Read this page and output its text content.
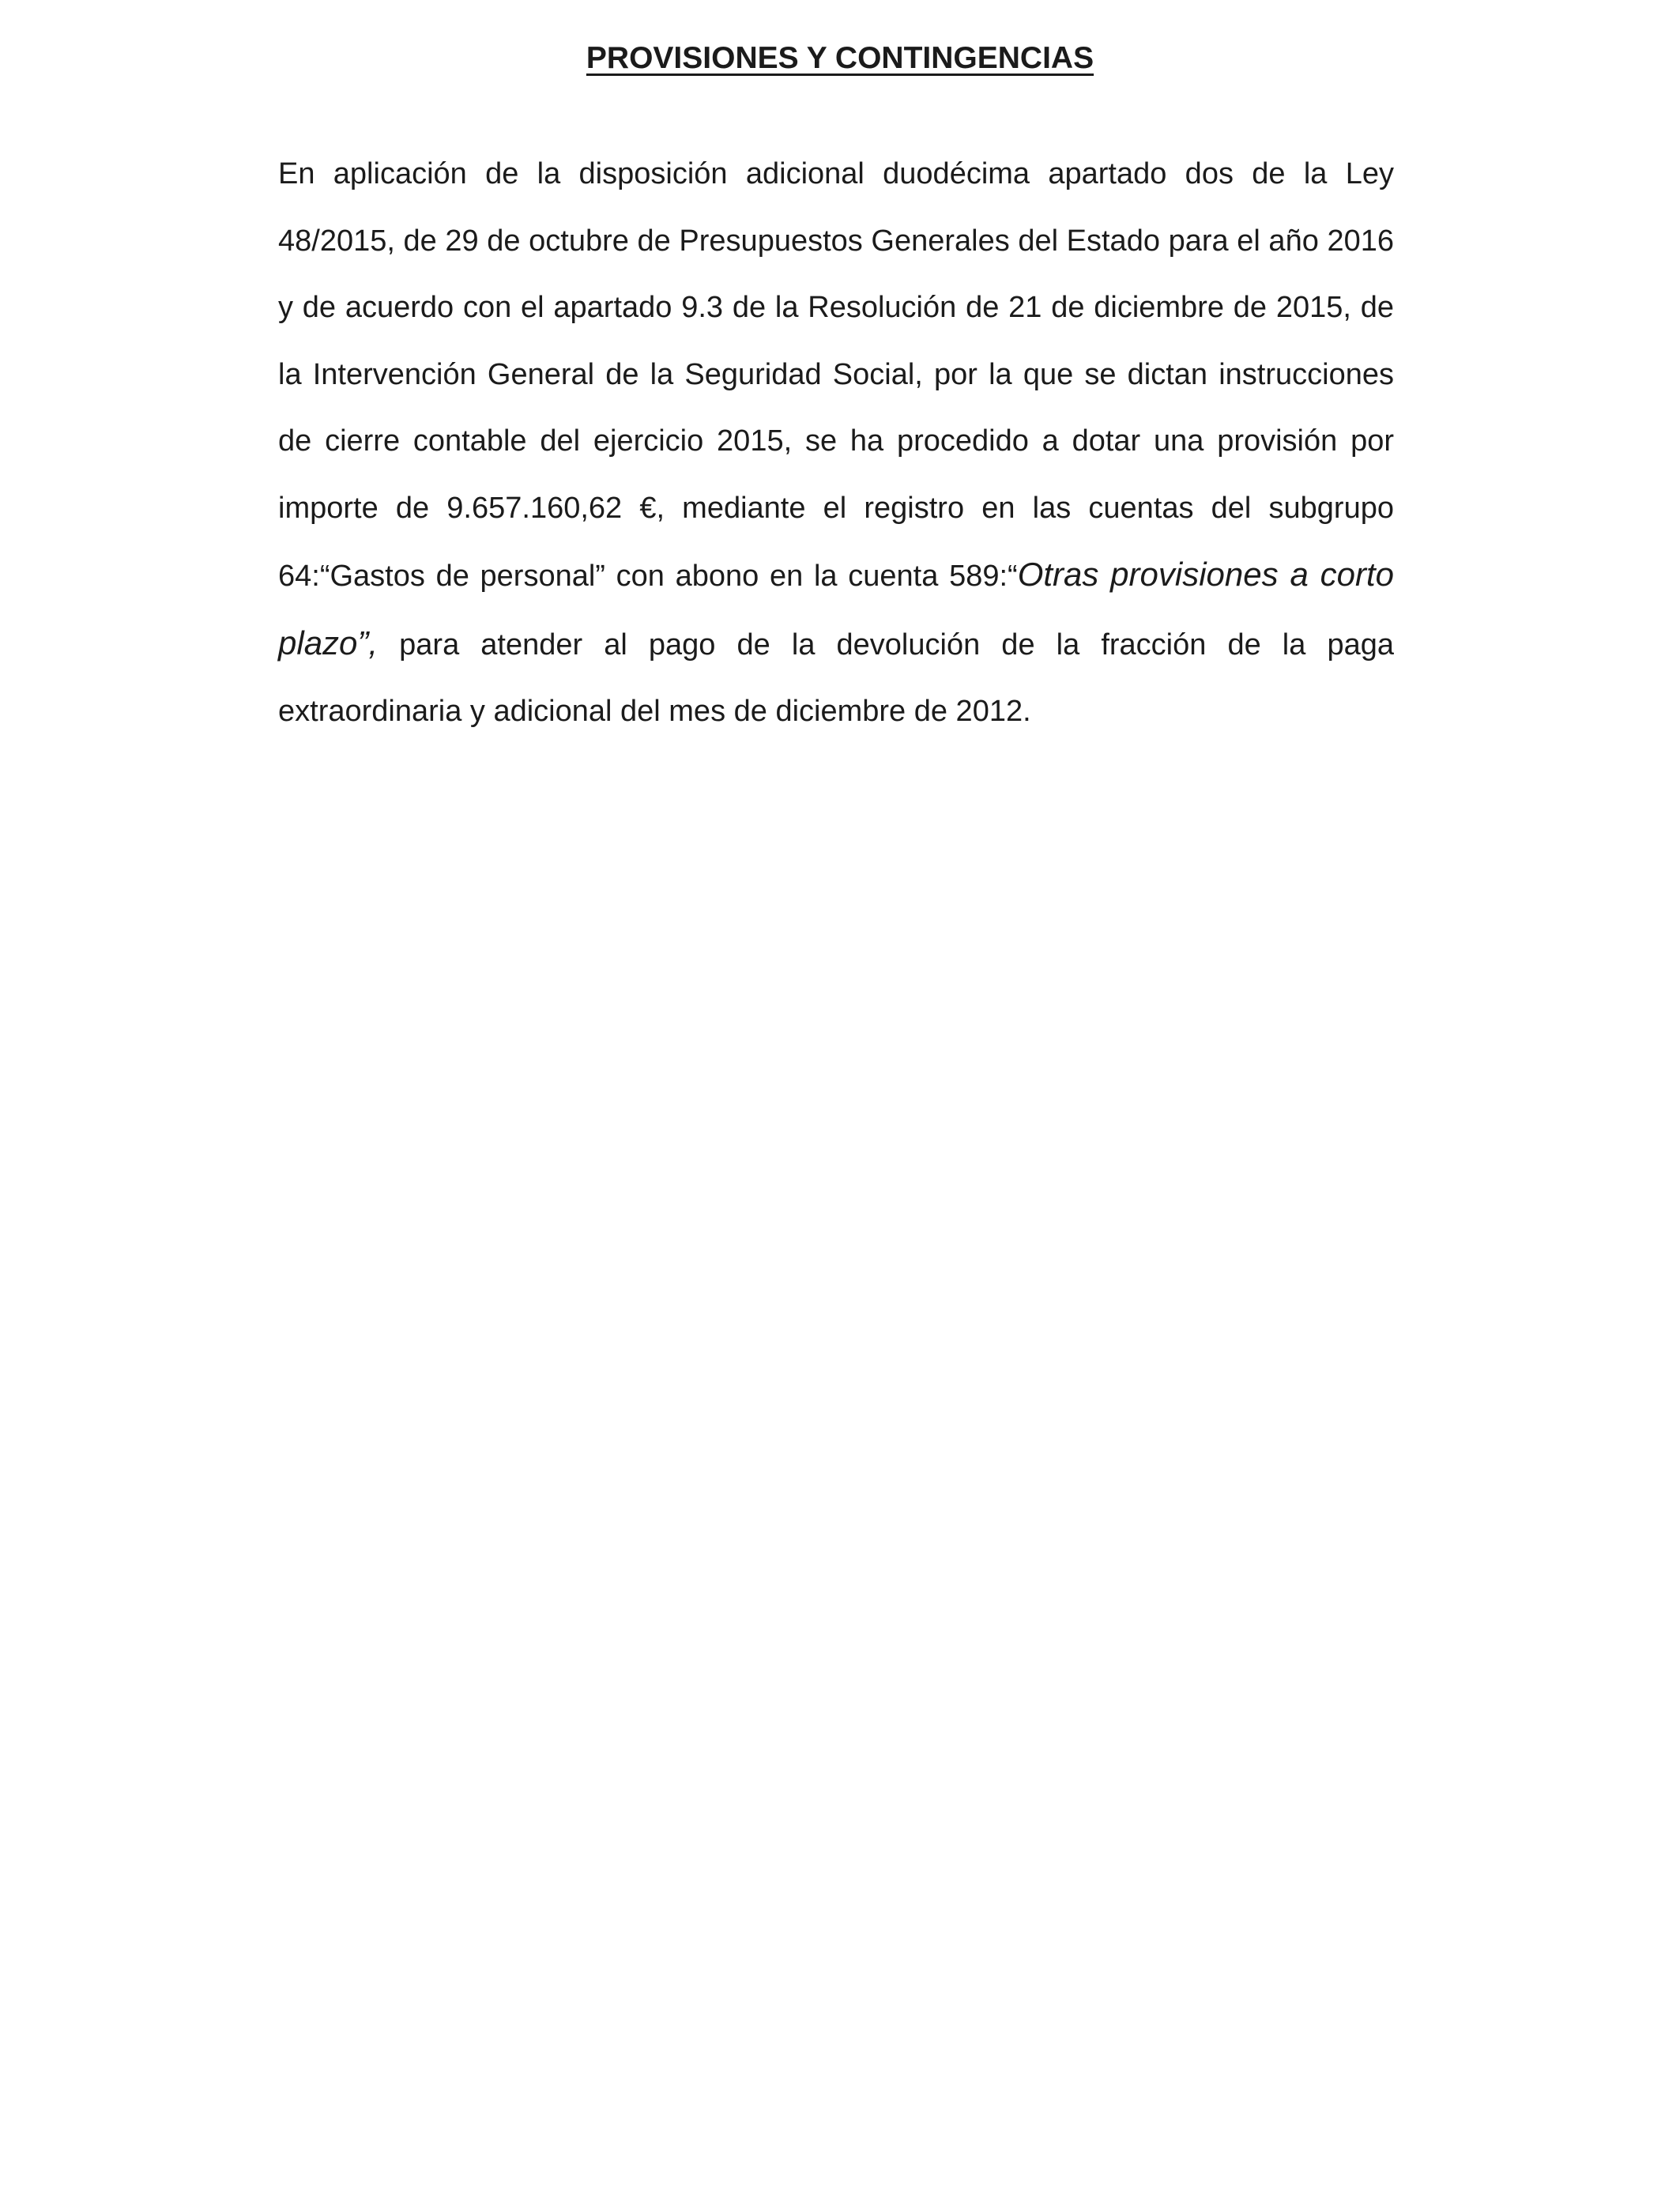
PROVISIONES Y CONTINGENCIAS

En aplicación de la disposición adicional duodécima apartado dos de la Ley 48/2015, de 29 de octubre de Presupuestos Generales del Estado para el año 2016 y de acuerdo con el apartado 9.3 de la Resolución de 21 de diciembre de 2015, de la Intervención General de la Seguridad Social, por la que se dictan instrucciones de cierre contable del ejercicio 2015, se ha procedido a dotar una provisión por importe de 9.657.160,62 €, mediante el registro en las cuentas del subgrupo 64:“Gastos de personal” con abono en la cuenta 589:“Otras provisiones a corto plazo”, para atender al pago de la devolución de la fracción de la paga extraordinaria y adicional del mes de diciembre de 2012.
